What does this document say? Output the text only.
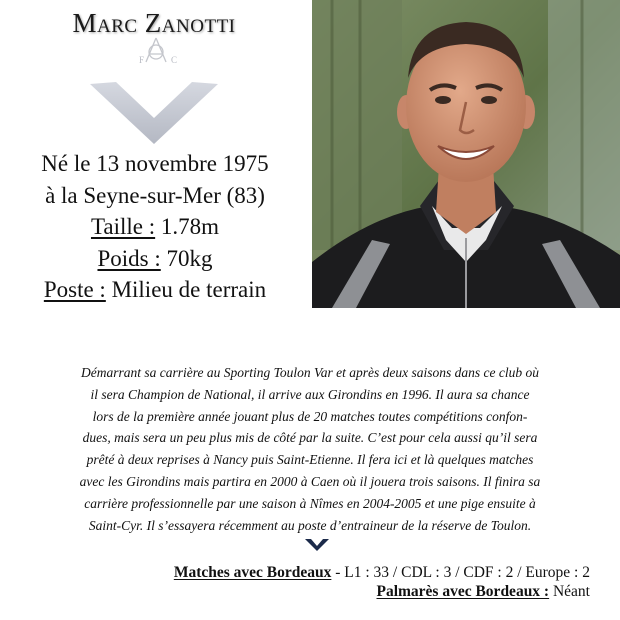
Marc Zanotti
F	C
Né le 13 novembre 1975
à la Seyne-sur-Mer (83)
Taille : 1.78m
Poids : 70kg
Poste : Milieu de terrain
Démarrant sa carrière au Sporting Toulon Var et après deux saisons dans ce club où
il sera Champion de National, il arrive aux Girondins en 1996. Il aura sa chance
lors de la première année jouant plus de 20 matches toutes compétitions confon-
dues, mais sera un peu plus mis de côté par la suite. C’est pour cela aussi qu’il sera
prêté à deux reprises à Nancy puis Saint-Etienne. Il fera ici et là quelques matches
avec les Girondins mais partira en 2000 à Caen où il jouera trois saisons. Il finira sa
carrière professionnelle par une saison à Nîmes en 2004-2005 et une pige ensuite à
Saint-Cyr. Il s’essayera récemment au poste d’entraineur de la réserve de Toulon.
Matches avec Bordeaux - L1 : 33 / CDL : 3 / CDF : 2 / Europe : 2
Palmarès avec Bordeaux : Néant
